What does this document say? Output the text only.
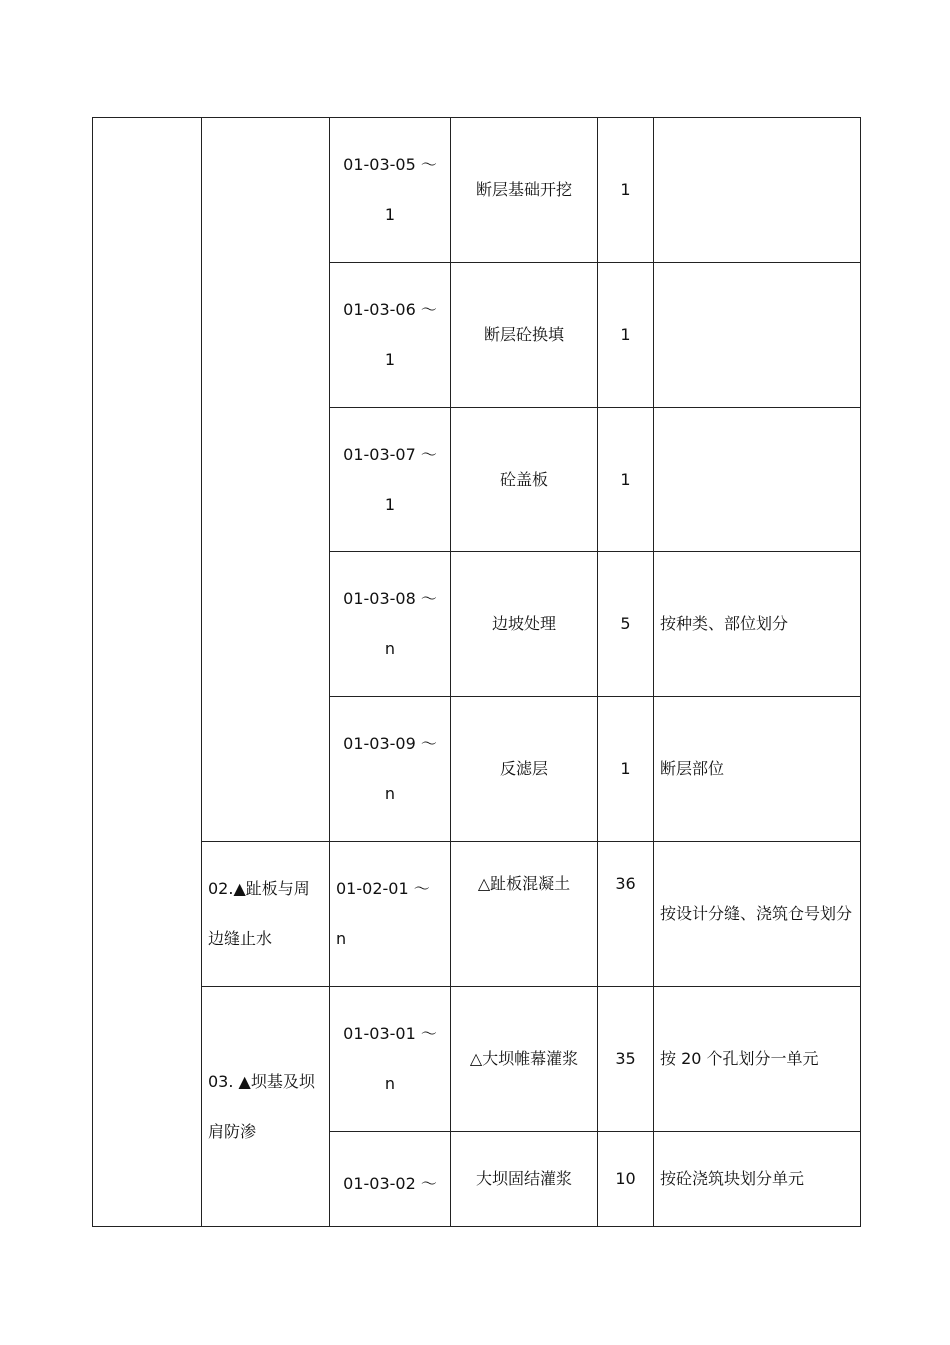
		01-03-05 ～ 1	断层基础开挖	1	
		01-03-06 ～ 1	断层砼换填	1	
		01-03-07 ～ 1	砼盖板	1	
		01-03-08 ～ n	边坡处理	5	按种类、部位划分
		01-03-09 ～ n	反滤层	1	断层部位
	02.▲趾板与周边缝止水	01-02-01 ～ n	△趾板混凝土	36	按设计分缝、浇筑仓号划分
	03. ▲坝基及坝肩防渗	01-03-01 ～ n	△大坝帷幕灌浆	35	按 20 个孔划分一单元
		01-03-02 ～	大坝固结灌浆	10	按砼浇筑块划分单元
